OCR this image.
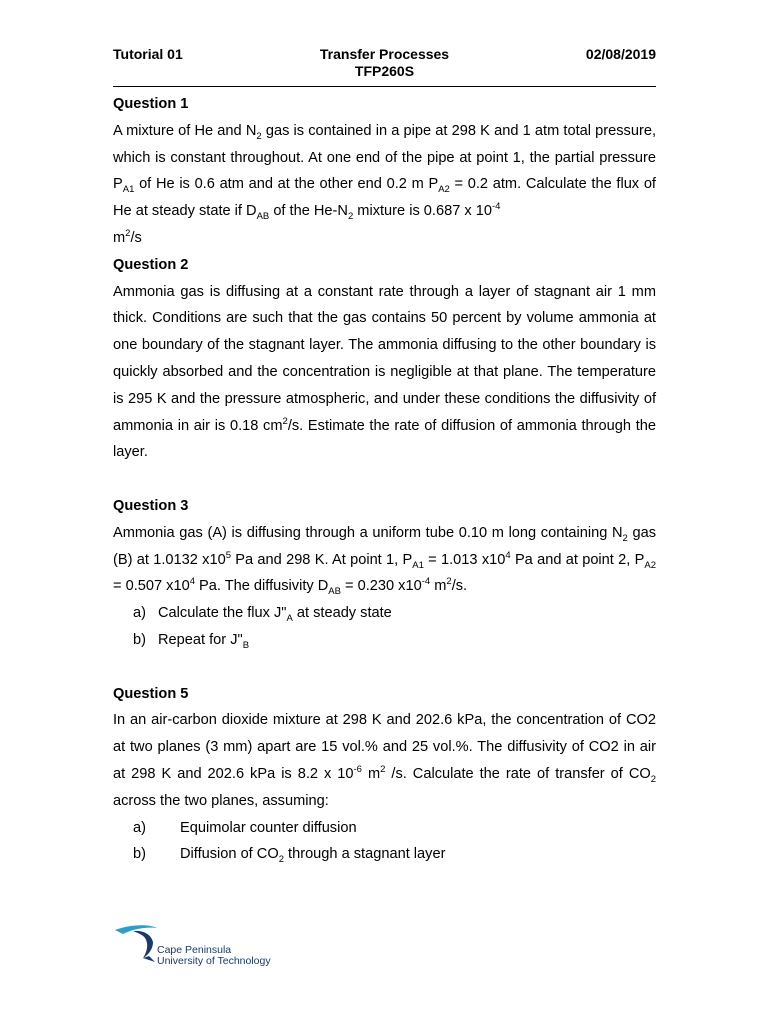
Tutorial 01	Transfer Processes
TFP260S
02/08/2019
Question 1

A mixture of He and $N_2$ gas is contained in a pipe at 298 K and 1 atm total pressure, which is constant throughout. At one end of the pipe at point 1, the partial pressure $P_{A1}$ of He is 0.6 atm and at the other end 0.2 m $P_{A2} = 0.2$ atm. Calculate the flux of He at steady state if $D_{AB}$ of the $He-N_2$ mixture is 0.687 x $10^{-4}$
$m^2/s$

Question 2

Ammonia gas is diffusing at a constant rate through a layer of stagnant air 1 mm thick. Conditions are such that the gas contains 50 percent by volume ammonia at one boundary of the stagnant layer. The ammonia diffusing to the other boundary is quickly absorbed and the concentration is negligible at that plane. The temperature is 295 K and the pressure atmospheric, and under these conditions the diffusivity of ammonia in air is 0.18 $cm^2/s$. Estimate the rate of diffusion of ammonia through the layer.

Question 3

Ammonia gas (A) is diffusing through a uniform tube 0.10 m long containing $N_2$ gas (B) at 1.0132 $x10^5$ Pa and 298 K. At point 1, $P_{A1} = 1.013$ $x10^4$ Pa and at point 2, $P_{A2} = 0.507$ $x10^4$ Pa. The diffusivity $D_{AB} = 0.230$ $x10^{-4}$ $m^2/s$.

a) Calculate the flux $J"_A$ at steady state
b) Repeat for $J"_B$
Question 5

In an air-carbon dioxide mixture at 298 K and 202.6 kPa, the concentration of CO2 at two planes (3 mm) apart are 15 vol.% and 25 vol.%. The diffusivity of CO2 in air at 298 K and 202.6 kPa is 8.2 x $10^{-6}$ $m^2$ /s. Calculate the rate of transfer of $CO_2$ across the two planes, assuming:

a) Equimolar counter diffusion
b) Diffusion of $CO_2$ through a stagnant layer
Cape Peninsula
University of Technology
